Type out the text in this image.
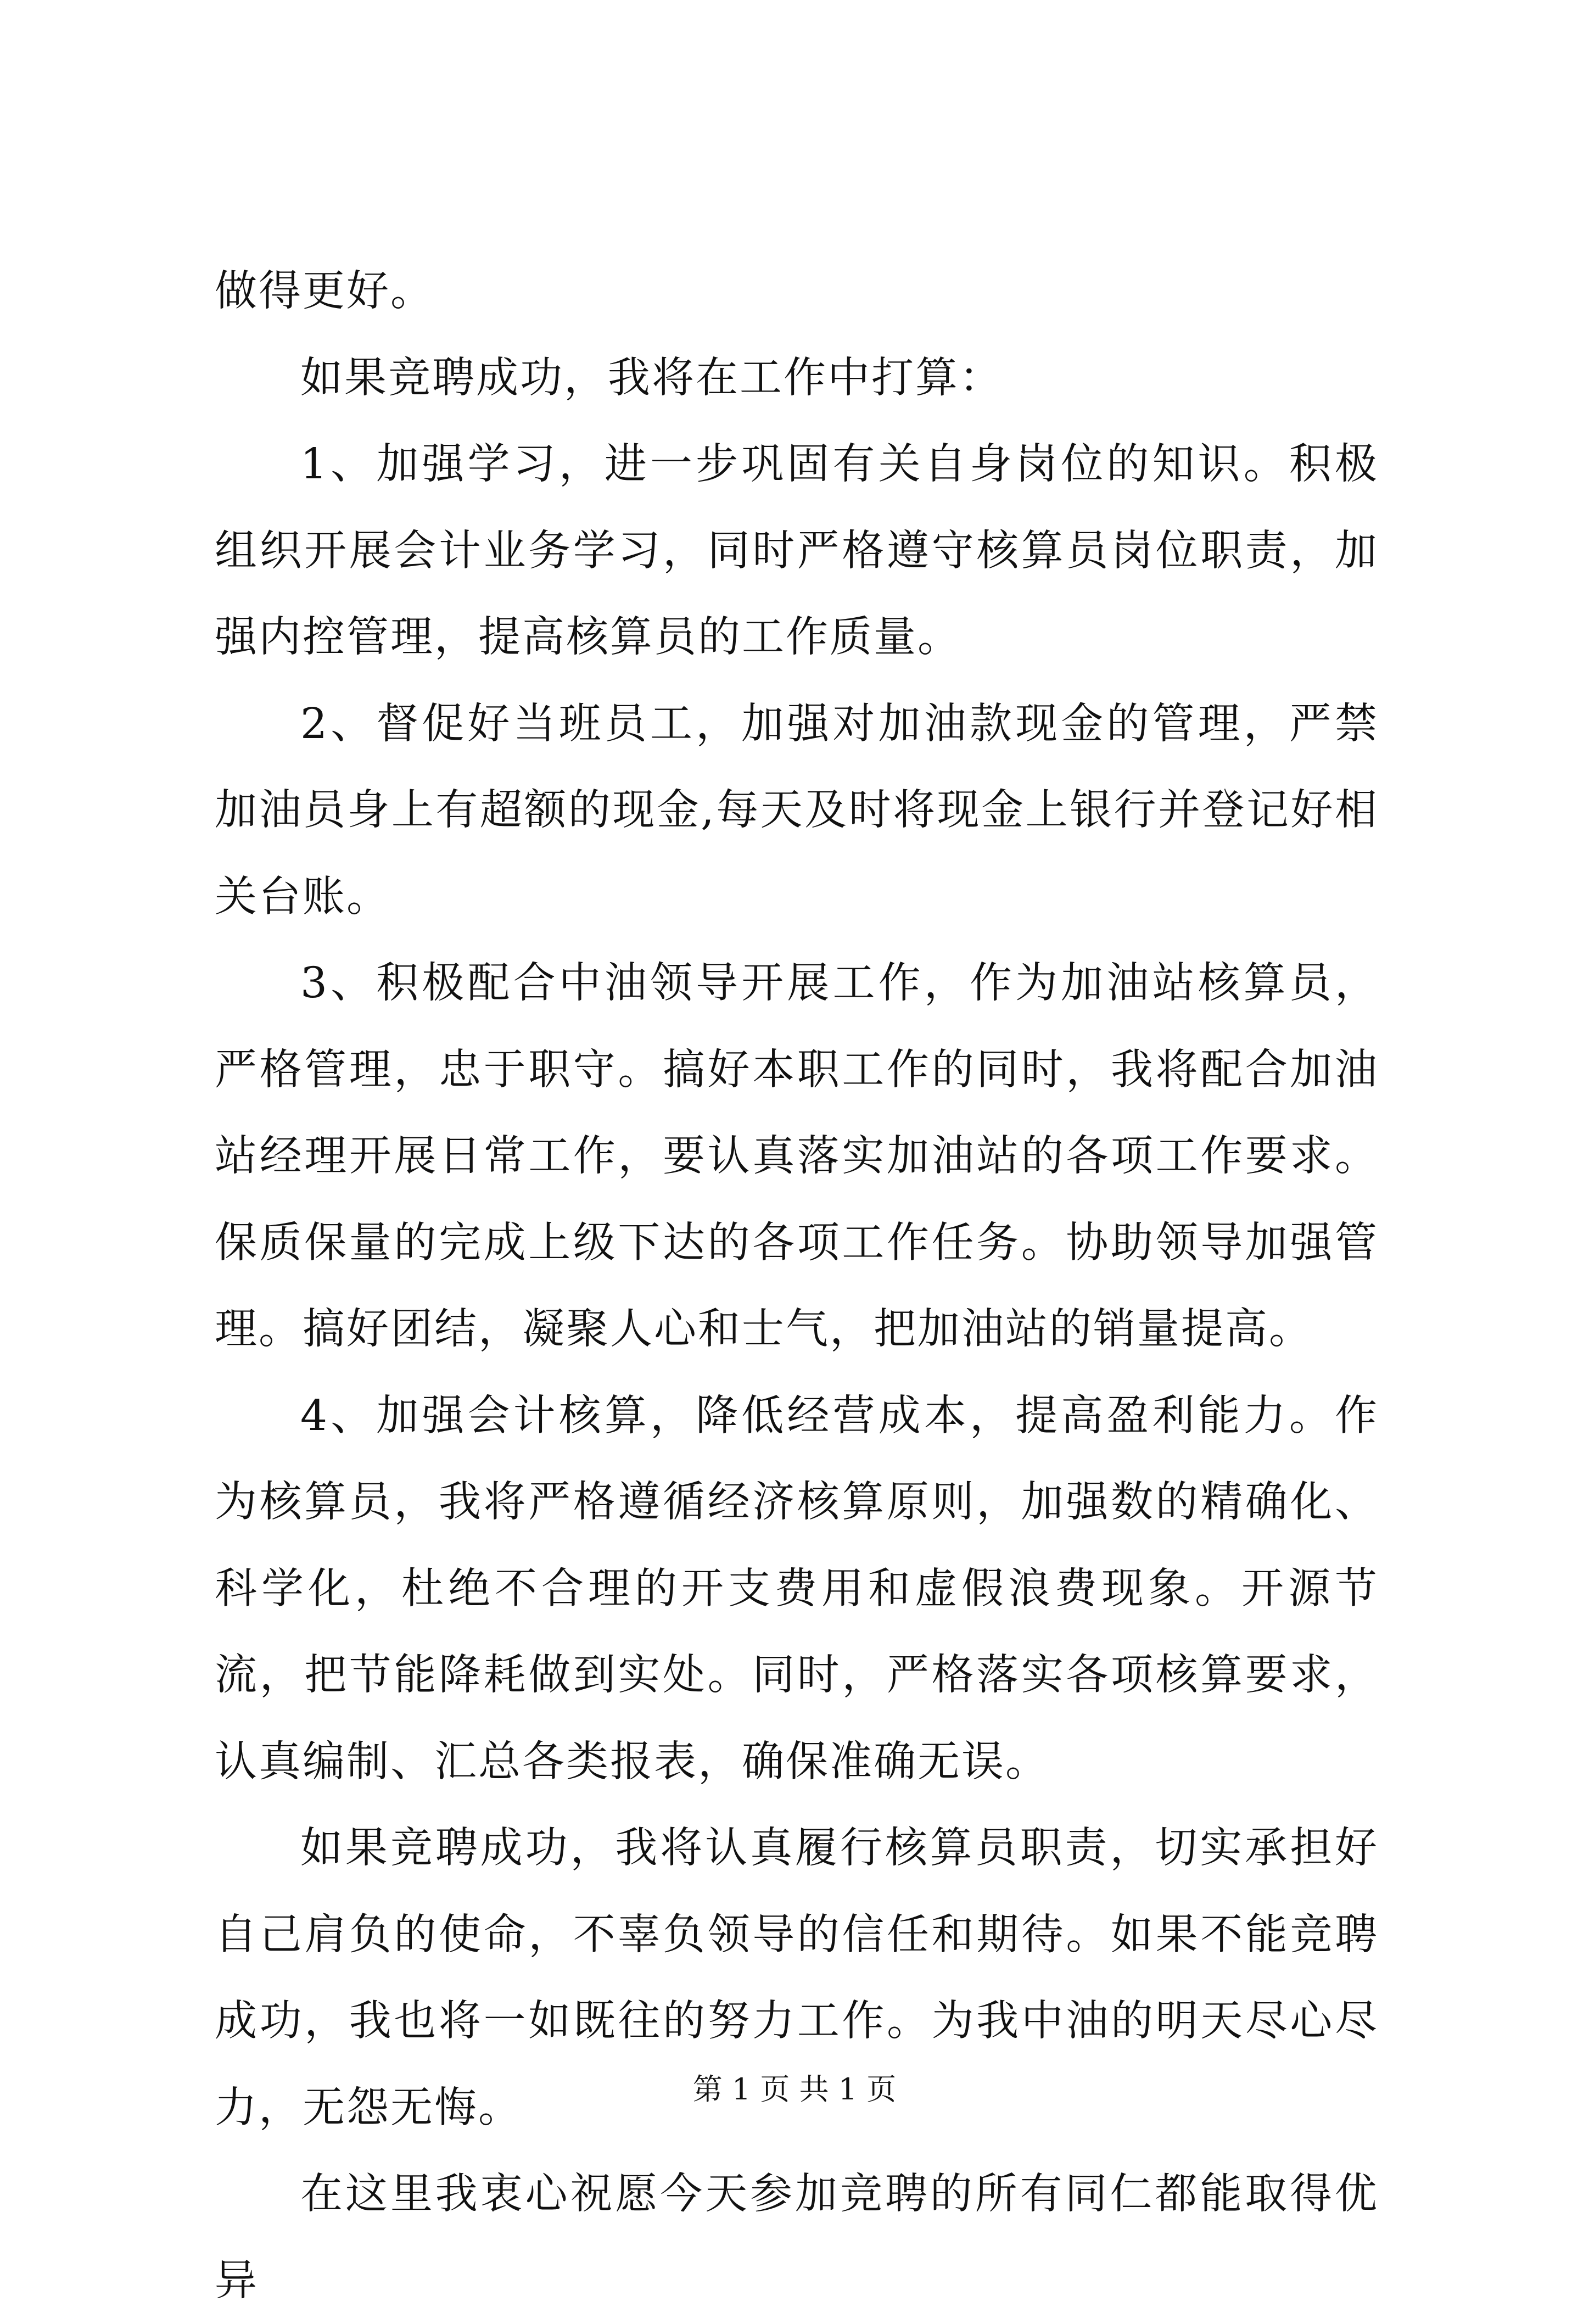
做得更好。

如果竞聘成功，我将在工作中打算：

1、加强学习，进一步巩固有关自身岗位的知识。积极组织开展会计业务学习，同时严格遵守核算员岗位职责，加强内控管理，提高核算员的工作质量。

2、督促好当班员工，加强对加油款现金的管理，严禁加油员身上有超额的现金,每天及时将现金上银行并登记好相关台账。

3、积极配合中油领导开展工作，作为加油站核算员，严格管理，忠于职守。搞好本职工作的同时，我将配合加油站经理开展日常工作，要认真落实加油站的各项工作要求。保质保量的完成上级下达的各项工作任务。协助领导加强管理。搞好团结，凝聚人心和士气，把加油站的销量提高。

4、加强会计核算，降低经营成本，提高盈利能力。作为核算员，我将严格遵循经济核算原则，加强数的精确化、科学化，杜绝不合理的开支费用和虚假浪费现象。开源节流，把节能降耗做到实处。同时，严格落实各项核算要求，认真编制、汇总各类报表，确保准确无误。

如果竞聘成功，我将认真履行核算员职责，切实承担好自己肩负的使命，不辜负领导的信任和期待。如果不能竞聘成功，我也将一如既往的努力工作。为我中油的明天尽心尽力，无怨无悔。

在这里我衷心祝愿今天参加竞聘的所有同仁都能取得优异

第 1 页 共 1 页
